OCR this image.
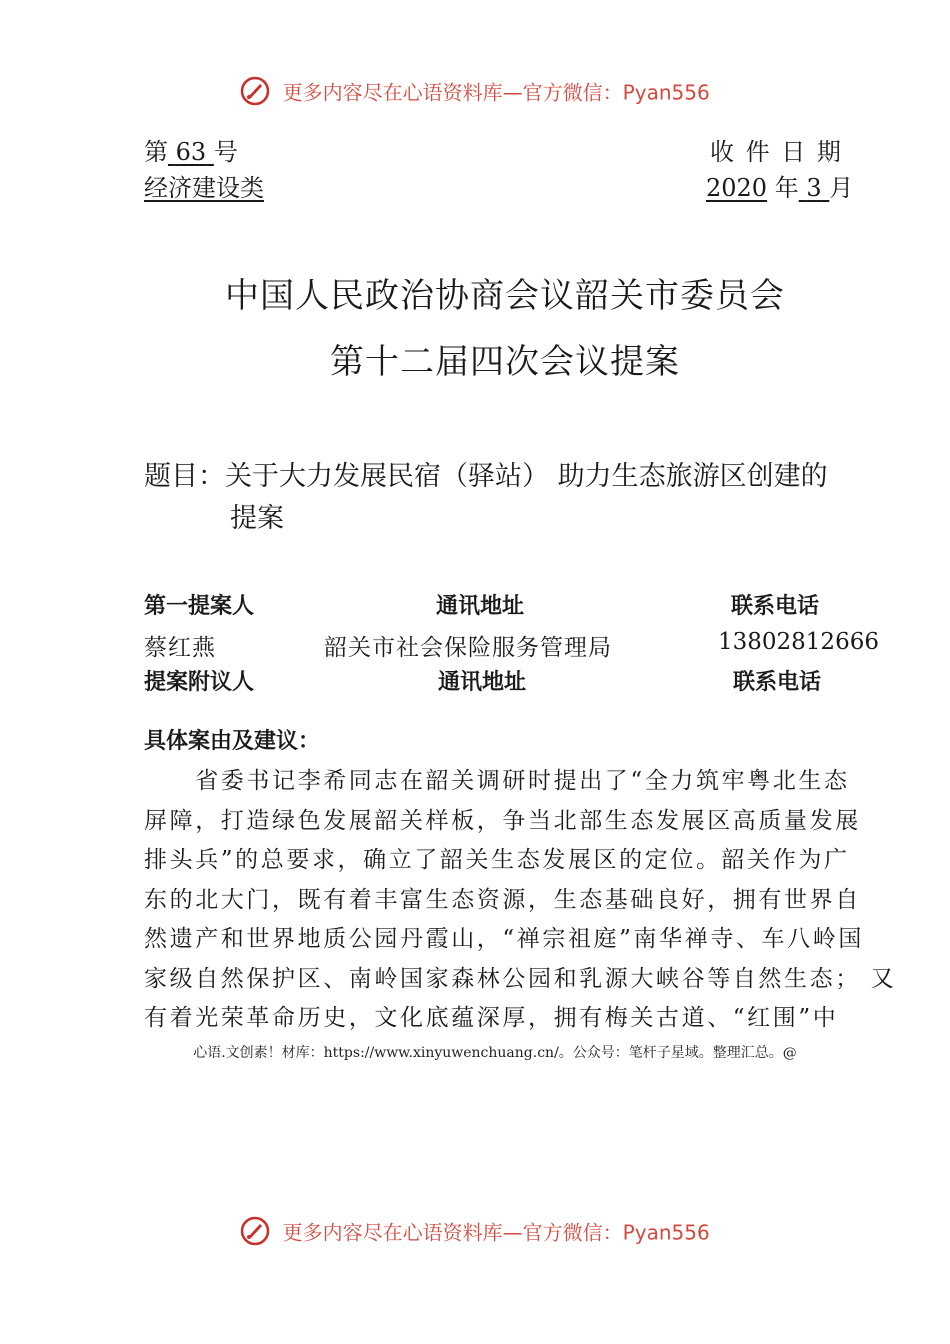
更多内容尽在心语资料库—官方微信：Pyan556
第 63 号	收 件 日 期
经济建设类	2020 年 3 月
中国人民政治协商会议韶关市委员会
第十二届四次会议提案
题目：关于大力发展民宿（驿站） 助力生态旅游区创建的
提案
第一提案人	通讯地址	联系电话
蔡红燕	韶关市社会保险服务管理局	13802812666
提案附议人	通讯地址	联系电话
具体案由及建议：
　　省委书记李希同志在韶关调研时提出了“全力筑牢粤北生态
屏障，打造绿色发展韶关样板，争当北部生态发展区高质量发展
排头兵”的总要求，确立了韶关生态发展区的定位。韶关作为广
东的北大门，既有着丰富生态资源，生态基础良好，拥有世界自
然遗产和世界地质公园丹霞山，“禅宗祖庭”南华禅寺、车八岭国
家级自然保护区、南岭国家森林公园和乳源大峡谷等自然生态； 又
有着光荣革命历史，文化底蕴深厚，拥有梅关古道、“红围”中
心语.文创素！材库：https://www.xinyuwenchuang.cn/。公众号：笔杆子星域。整理汇总。@
更多内容尽在心语资料库—官方微信：Pyan556
